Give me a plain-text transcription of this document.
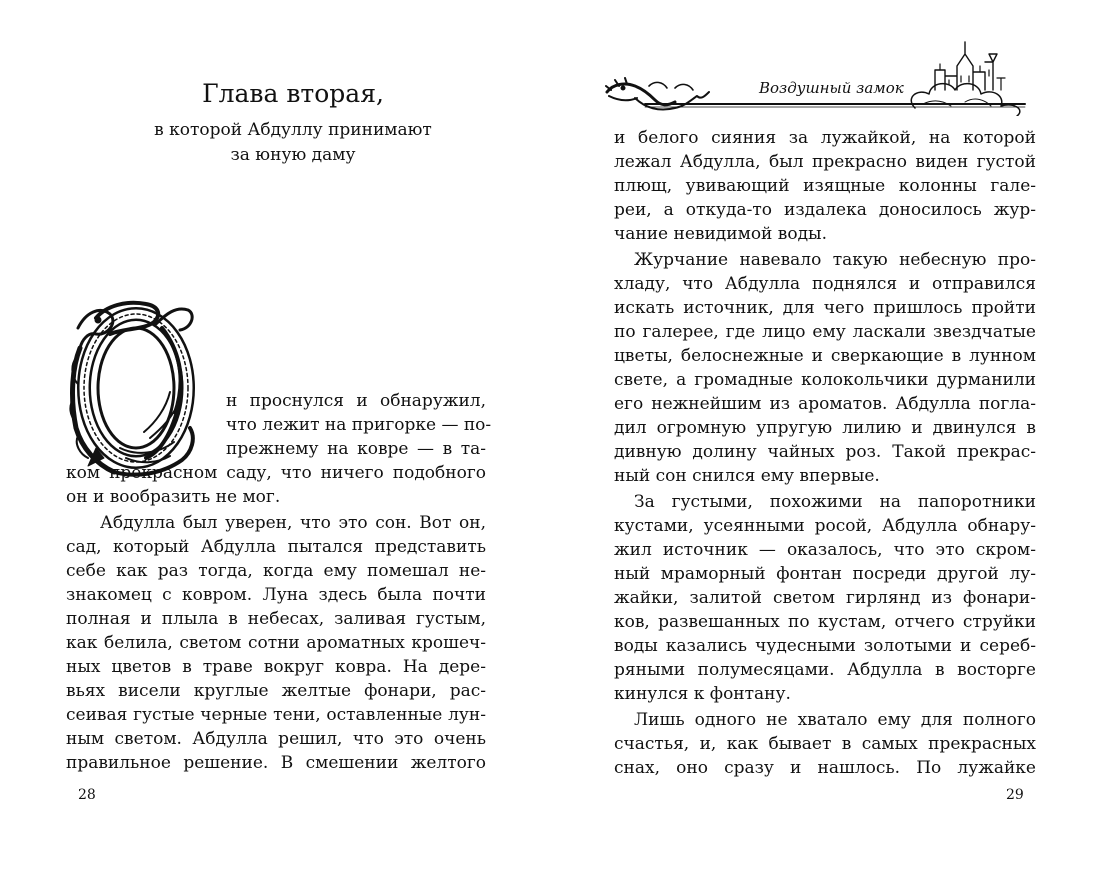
Глава вторая,
в которой Абдуллу принимают
за юную даму
н проснулся и обнаружил,
что лежит на пригорке — по-
прежнему на ковре — в та-
ком прекрасном саду, что ничего подобного
он и вообразить не мог.
Абдулла был уверен, что это сон. Вот он,
сад, который Абдулла пытался представить
себе как раз тогда, когда ему помешал не-
знакомец с ковром. Луна здесь была почти
полная и плыла в небесах, заливая густым,
как белила, светом сотни ароматных крошеч-
ных цветов в траве вокруг ковра. На дере-
вьях висели круглые желтые фонари, рас-
сеивая густые черные тени, оставленные лун-
ным светом. Абдулла решил, что это очень
правильное решение. В смешении желтого
28
Воздушный замок
и белого сияния за лужайкой, на которой
лежал Абдулла, был прекрасно виден густой
плющ, увивающий изящные колонны гале-
реи, а откуда-то издалека доносилось жур-
чание невидимой воды.
Журчание навевало такую небесную про-
хладу, что Абдулла поднялся и отправился
искать источник, для чего пришлось пройти
по галерее, где лицо ему ласкали звездчатые
цветы, белоснежные и сверкающие в лунном
свете, а громадные колокольчики дурманили
его нежнейшим из ароматов. Абдулла погла-
дил огромную упругую лилию и двинулся в
дивную долину чайных роз. Такой прекрас-
ный сон снился ему впервые.
За густыми, похожими на папоротники
кустами, усеянными росой, Абдулла обнару-
жил источник — оказалось, что это скром-
ный мраморный фонтан посреди другой лу-
жайки, залитой светом гирлянд из фонари-
ков, развешанных по кустам, отчего струйки
воды казались чудесными золотыми и сереб-
ряными полумесяцами. Абдулла в восторге
кинулся к фонтану.
Лишь одного не хватало ему для полного
счастья, и, как бывает в самых прекрасных
снах, оно сразу и нашлось. По лужайке
29
